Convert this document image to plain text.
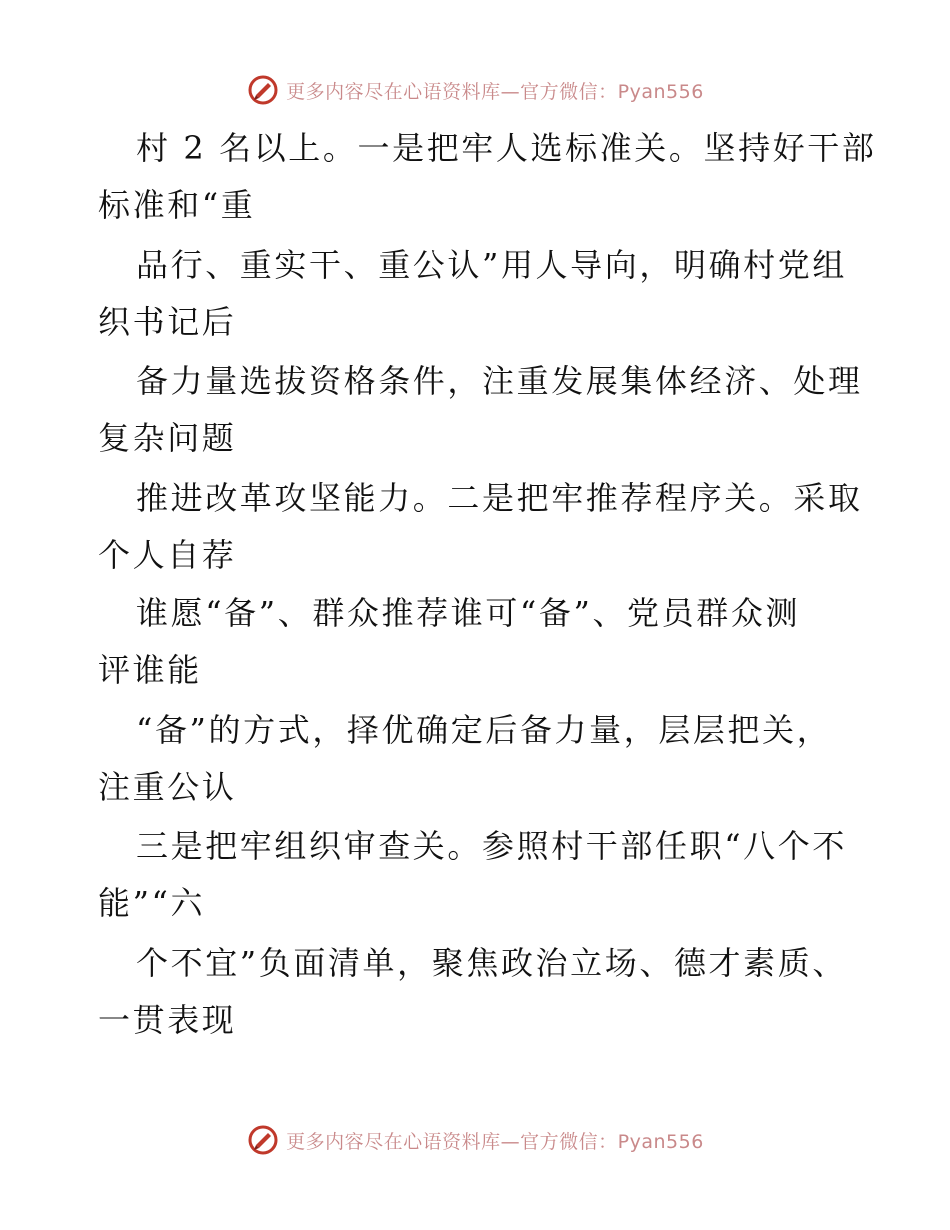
更多内容尽在心语资料库—官方微信：Pyan556
村 2 名以上。一是把牢人选标准关。坚持好干部
标准和“重
品行、重实干、重公认”用人导向，明确村党组
织书记后
备力量选拔资格条件，注重发展集体经济、处理
复杂问题
推进改革攻坚能力。二是把牢推荐程序关。采取
个人自荐
谁愿“备”、群众推荐谁可“备”、党员群众测
评谁能
“备”的方式，择优确定后备力量，层层把关，
注重公认
三是把牢组织审查关。参照村干部任职“八个不
能”“六
个不宜”负面清单，聚焦政治立场、德才素质、
一贯表现
更多内容尽在心语资料库—官方微信：Pyan556
